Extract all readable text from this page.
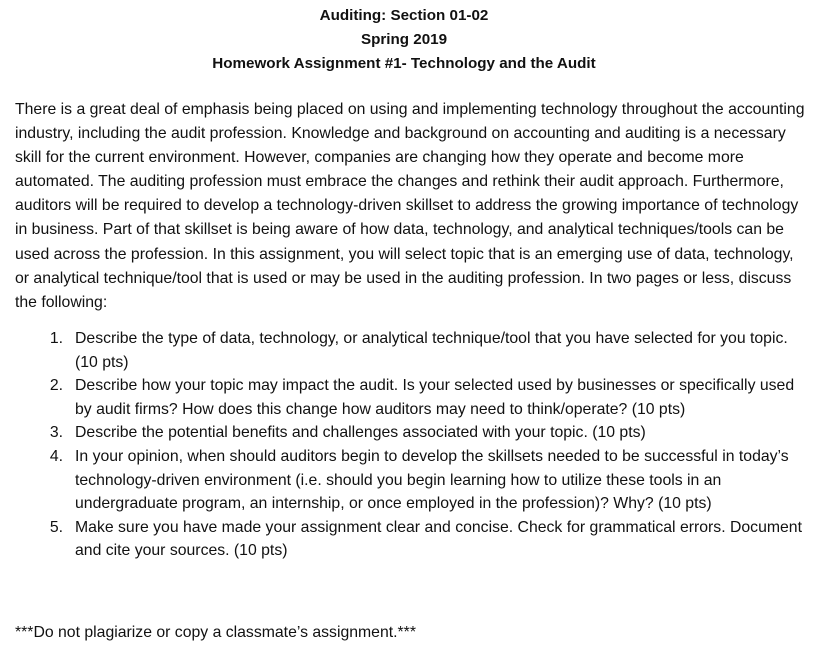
Auditing: Section 01-02
Spring 2019
Homework Assignment #1- Technology and the Audit

There is a great deal of emphasis being placed on using and implementing technology throughout the accounting industry, including the audit profession. Knowledge and background on accounting and auditing is a necessary skill for the current environment. However, companies are changing how they operate and become more automated. The auditing profession must embrace the changes and rethink their audit approach. Furthermore, auditors will be required to develop a technology-driven skillset to address the growing importance of technology in business. Part of that skillset is being aware of how data, technology, and analytical techniques/tools can be used across the profession. In this assignment, you will select topic that is an emerging use of data, technology, or analytical technique/tool that is used or may be used in the auditing profession. In two pages or less, discuss the following:

1. Describe the type of data, technology, or analytical technique/tool that you have selected for you topic. (10 pts)
2. Describe how your topic may impact the audit. Is your selected used by businesses or specifically used by audit firms? How does this change how auditors may need to think/operate? (10 pts)
3. Describe the potential benefits and challenges associated with your topic. (10 pts)
4. In your opinion, when should auditors begin to develop the skillsets needed to be successful in today’s technology-driven environment (i.e. should you begin learning how to utilize these tools in an undergraduate program, an internship, or once employed in the profession)? Why? (10 pts)
5. Make sure you have made your assignment clear and concise. Check for grammatical errors. Document and cite your sources. (10 pts)
***Do not plagiarize or copy a classmate’s assignment.***
